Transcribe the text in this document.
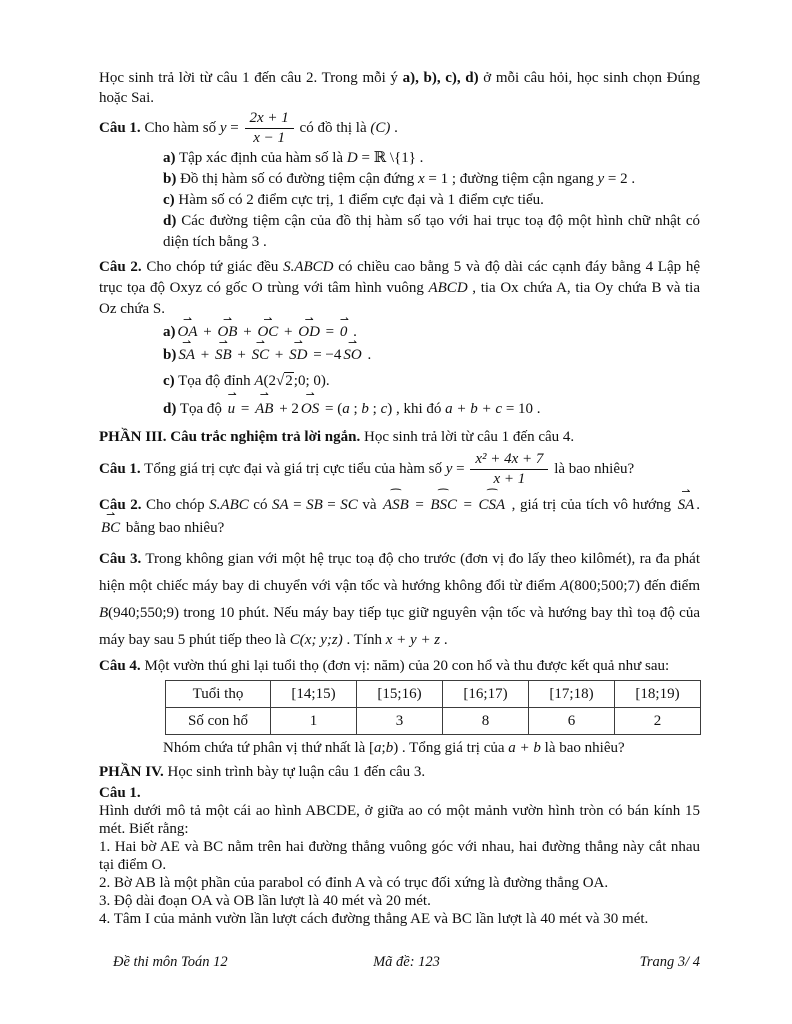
Học sinh trả lời từ câu 1 đến câu 2. Trong mỗi ý a), b), c), d) ở mỗi câu hỏi, học sinh chọn Đúng hoặc Sai.
Câu 1. Cho hàm số $y = \frac{2x + 1}{x - 1}$ có đồ thị là (C) .
a) Tập xác định của hàm số là D = ℝ \{1} .
b) Đồ thị hàm số có đường tiệm cận đứng x = 1 ; đường tiệm cận ngang y = 2 .
c) Hàm số có 2 điểm cực trị, 1 điểm cực đại và 1 điểm cực tiểu.
d) Các đường tiệm cận của đồ thị hàm số tạo với hai trục toạ độ một hình chữ nhật có diện tích bằng 3 .
Câu 2. Cho chóp tứ giác đều S.ABCD có chiều cao bằng 5 và độ dài các cạnh đáy bằng 4 Lập hệ trục tọa độ Oxyz có gốc O trùng với tâm hình vuông ABCD , tia Ox chứa A, tia Oy chứa B và tia Oz chứa S.
a) OA ⇀ + OB ⇀ + OC ⇀ + OD ⇀ = 0 ⇀ .
b) SA ⇀ + SB ⇀ + SC ⇀ + SD ⇀ = −4 SO ⇀ .
c) Tọa độ đỉnh A(2√2;0; 0).
d) Tọa độ u ⇀ = AB ⇀ + 2 OS ⇀ = (a ; b ; c) , khi đó a + b + c = 10 .
PHẦN III. Câu trắc nghiệm trả lời ngắn. Học sinh trả lời từ câu 1 đến câu 4.
Câu 1. Tổng giá trị cực đại và giá trị cực tiểu của hàm số $y = \frac{\text{x² + 4x + 7}}{x + 1}$ là bao nhiêu?
Câu 2. Cho chóp S.ABC có SA = SB = SC và ASB ⌢ = BSC ⌢ = CSA ⌢ , giá trị của tích vô hướng SA ⇀ .BC ⇀ bằng bao nhiêu?
Câu 3. Trong không gian với một hệ trục toạ độ cho trước (đơn vị đo lấy theo kilômét), ra đa phát hiện một chiếc máy bay di chuyển với vận tốc và hướng không đổi từ điểm A(800;500;7) đến điểm B(940;550;9) trong 10 phút. Nếu máy bay tiếp tục giữ nguyên vận tốc và hướng bay thì toạ độ của máy bay sau 5 phút tiếp theo là C(x; y;z) . Tính x + y + z .
Câu 4. Một vườn thú ghi lại tuổi thọ (đơn vị: năm) của 20 con hổ và thu được kết quả như sau:
Tuổi thọ	[14;15)	[15;16)	[16;17)	[17;18)	[18;19)
Số con hổ	1	3	8	6	2
Nhóm chứa tứ phân vị thứ nhất là [a;b) . Tổng giá trị của a + b là bao nhiêu?
PHẦN IV. Học sinh trình bày tự luận câu 1 đến câu 3.
Câu 1.
Hình dưới mô tả một cái ao hình ABCDE, ở giữa ao có một mảnh vườn hình tròn có bán kính 15 mét. Biết rằng:
1. Hai bờ AE và BC nằm trên hai đường thẳng vuông góc với nhau, hai đường thẳng này cắt nhau tại điểm O.
2. Bờ AB là một phần của parabol có đỉnh A và có trục đối xứng là đường thẳng OA.
3. Độ dài đoạn OA và OB lần lượt là 40 mét và 20 mét.
4. Tâm I của mảnh vườn lần lượt cách đường thẳng AE và BC lần lượt là 40 mét và 30 mét.
Đề thi môn Toán 12	Mã đề: 123	Trang 3/ 4
